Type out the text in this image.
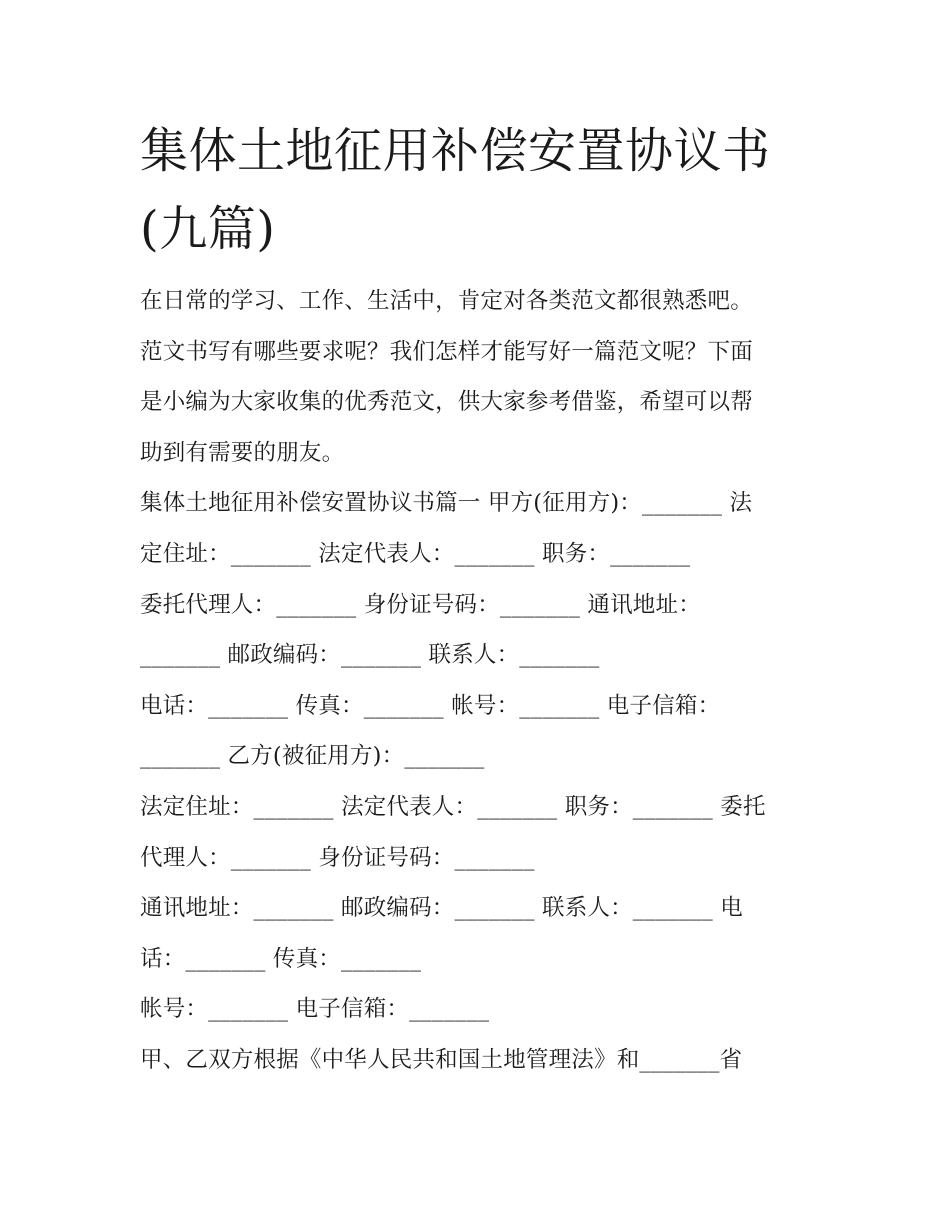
集体土地征用补偿安置协议书
(九篇)
在日常的学习、工作、生活中，肯定对各类范文都很熟悉吧。
范文书写有哪些要求呢？我们怎样才能写好一篇范文呢？下面
是小编为大家收集的优秀范文，供大家参考借鉴，希望可以帮
助到有需要的朋友。
集体土地征用补偿安置协议书篇一 甲方(征用方)：_______ 法
定住址：_______ 法定代表人：_______ 职务：_______
委托代理人：_______ 身份证号码：_______ 通讯地址：
_______ 邮政编码：_______ 联系人：_______
电话：_______ 传真：_______ 帐号：_______ 电子信箱：
_______ 乙方(被征用方)：_______
法定住址：_______ 法定代表人：_______ 职务：_______ 委托
代理人：_______ 身份证号码：_______
通讯地址：_______ 邮政编码：_______ 联系人：_______ 电
话：_______ 传真：_______
帐号：_______ 电子信箱：_______
甲、乙双方根据《中华人民共和国土地管理法》和_______省
